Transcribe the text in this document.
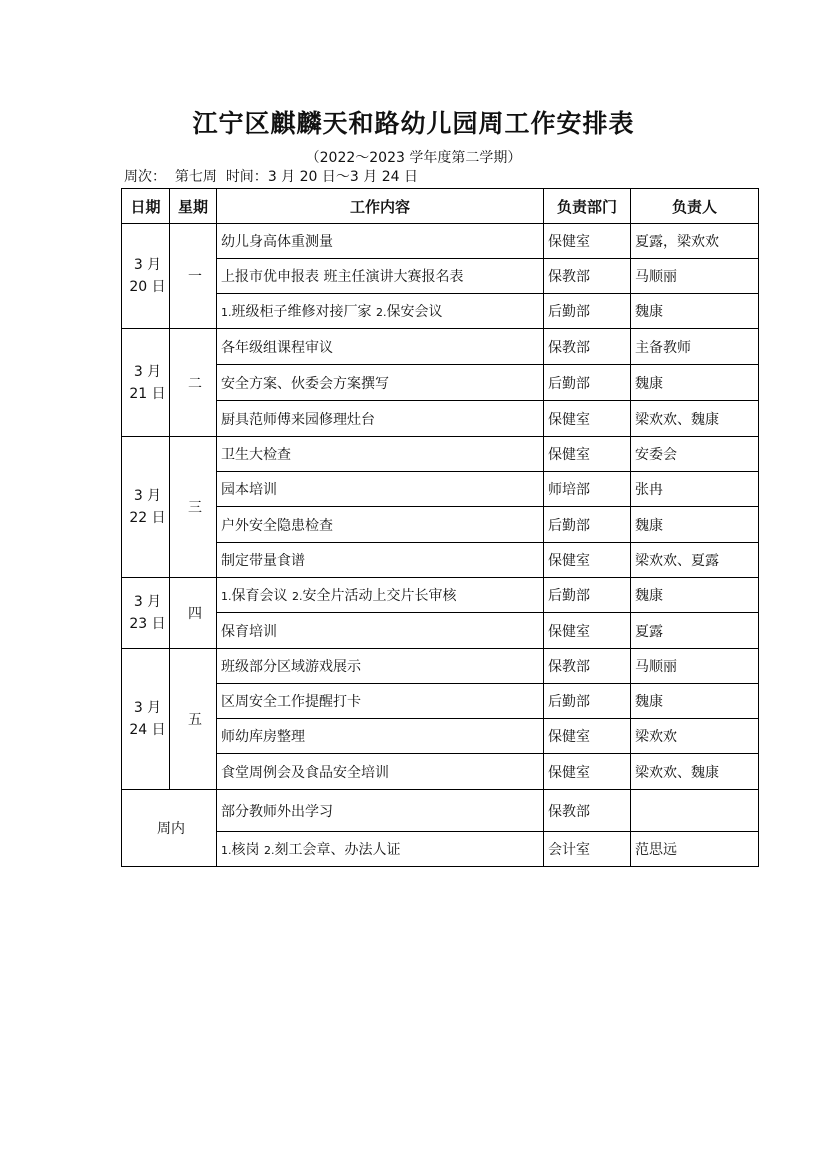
江宁区麒麟天和路幼儿园周工作安排表
（2022～2023 学年度第二学期）
周次： 第七周 时间：3 月 20 日～3 月 24 日
日期	星期	工作内容	负责部门	负责人
3 月
20 日	一	幼儿身高体重测量	保健室	夏露，梁欢欢
		上报市优申报表 班主任演讲大赛报名表	保教部	马顺丽
		1.班级柜子维修对接厂家 2.保安会议	后勤部	魏康
3 月
21 日	二	各年级组课程审议	保教部	主备教师
		安全方案、伙委会方案撰写	后勤部	魏康
		厨具范师傅来园修理灶台	保健室	梁欢欢、魏康
3 月
22 日	三	卫生大检查	保健室	安委会
		园本培训	师培部	张冉
		户外安全隐患检查	后勤部	魏康
		制定带量食谱	保健室	梁欢欢、夏露
3 月
23 日	四	1.保育会议 2.安全片活动上交片长审核	后勤部	魏康
		保育培训	保健室	夏露
3 月
24 日	五	班级部分区域游戏展示	保教部	马顺丽
		区周安全工作提醒打卡	后勤部	魏康
		师幼库房整理	保健室	梁欢欢
		食堂周例会及食品安全培训	保健室	梁欢欢、魏康
周内		部分教师外出学习	保教部	
		1.核岗 2.刻工会章、办法人证	会计室	范思远
